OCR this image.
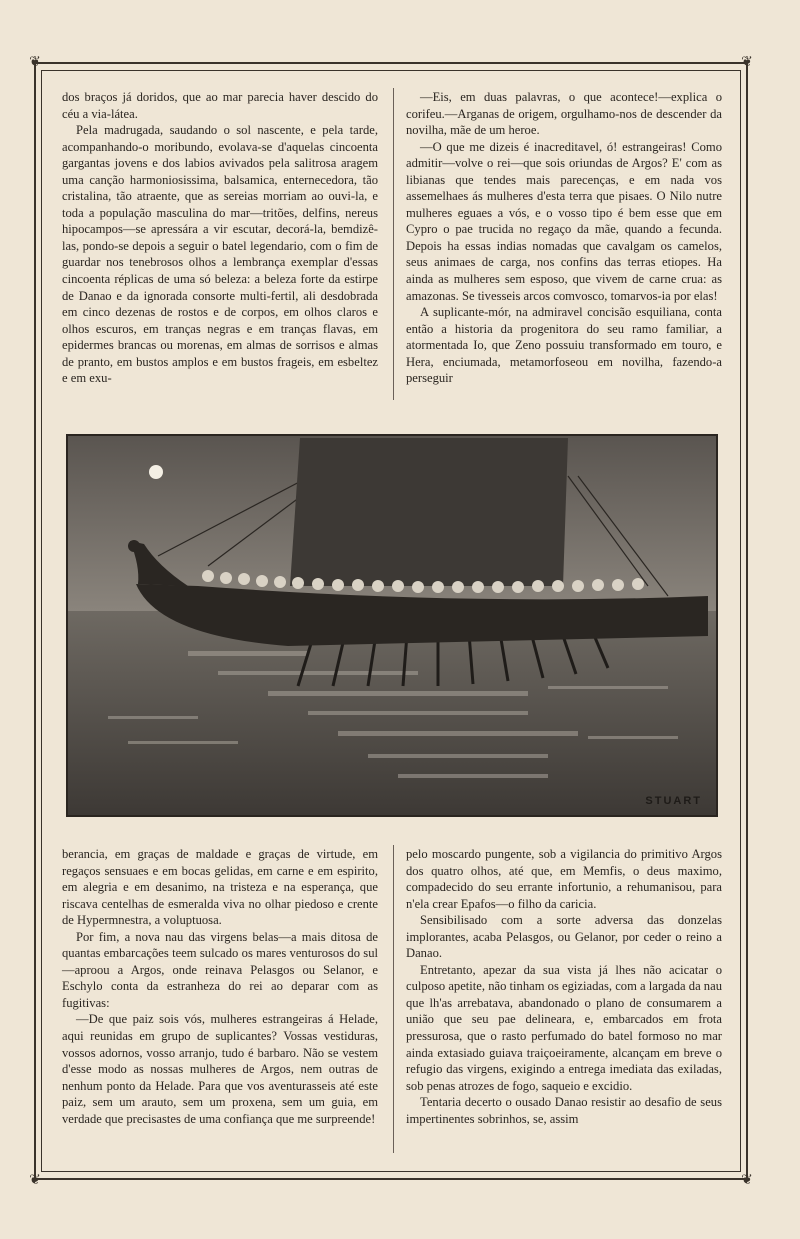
❦	❦
❦	❦

dos braços já doridos, que ao mar parecia haver descido do céu a via-látea.

Pela madrugada, saudando o sol nascente, e pela tarde, acompanhando-o moribundo, evolava-se d'aquelas cincoenta gargantas jovens e dos labios avivados pela salitrosa aragem uma canção harmoniosissima, balsamica, enternecedora, tão cristalina, tão atraente, que as sereias morriam ao ouvi-la, e toda a população masculina do mar—tritões, delfins, nereus hipocampos—se apressára a vir escutar, decorá-la, bemdizê-las, pondo-se depois a seguir o batel legendario, com o fim de guardar nos tenebrosos olhos a lembrança exemplar d'essas cincoenta réplicas de uma só beleza: a beleza forte da estirpe de Danao e da ignorada consorte multi-fertil, ali desdobrada em cinco dezenas de rostos e de corpos, em olhos claros e olhos escuros, em tranças negras e em tranças flavas, em epidermes brancas ou morenas, em almas de sorrisos e almas de pranto, em bustos amplos e em bustos frageis, em esbeltez e em exu-

—Eis, em duas palavras, o que acontece!—explica o corifeu.—Arganas de origem, orgulhamo-nos de descender da novilha, mãe de um heroe.

—O que me dizeis é inacreditavel, ó! estrangeiras! Como admitir—volve o rei—que sois oriundas de Argos? E' com as libianas que tendes mais parecenças, e em nada vos assemelhaes ás mulheres d'esta terra que pisaes. O Nilo nutre mulheres eguaes a vós, e o vosso tipo é bem esse que em Cypro o pae trucida no regaço da mãe, quando a fecunda. Depois ha essas indias nomadas que cavalgam os camelos, seus animaes de carga, nos confins das terras etiopes. Ha ainda as mulheres sem esposo, que vivem de carne crua: as amazonas. Se tivesseis arcos comvosco, tomarvos-ia por elas!

A suplicante-mór, na admiravel concisão esquiliana, conta então a historia da progenitora do seu ramo familiar, a atormentada Io, que Zeno possuiu transformado em touro, e Hera, enciumada, metamorfoseou em novilha, fazendo-a perseguir

STUART

berancia, em graças de maldade e graças de virtude, em regaços sensuaes e em bocas gelidas, em carne e em espirito, em alegria e em desanimo, na tristeza e na esperança, que riscava centelhas de esmeralda viva no olhar piedoso e crente de Hypermnestra, a voluptuosa.

Por fim, a nova nau das virgens belas—a mais ditosa de quantas embarcações teem sulcado os mares venturosos do sul—aproou a Argos, onde reinava Pelasgos ou Selanor, e Eschylo conta da estranheza do rei ao deparar com as fugitivas:

—De que paiz sois vós, mulheres estrangeiras á Helade, aqui reunidas em grupo de suplicantes? Vossas vestiduras, vossos adornos, vosso arranjo, tudo é barbaro. Não se vestem d'esse modo as nossas mulheres de Argos, nem outras de nenhum ponto da Helade. Para que vos aventurasseis até este paiz, sem um arauto, sem um proxena, sem um guia, em verdade que precisastes de uma confiança que me surpreende!

pelo moscardo pungente, sob a vigilancia do primitivo Argos dos quatro olhos, até que, em Memfis, o deus maximo, compadecido do seu errante infortunio, a rehumanisou, para n'ela crear Epafos—o filho da caricia.

Sensibilisado com a sorte adversa das donzelas implorantes, acaba Pelasgos, ou Gelanor, por ceder o reino a Danao.

Entretanto, apezar da sua vista já lhes não acicatar o culposo apetite, não tinham os egiziadas, com a largada da nau que lh'as arrebatava, abandonado o plano de consumarem a união que seu pae delineara, e, embarcados em frota pressurosa, que o rasto perfumado do batel formoso no mar ainda extasiado guiava traiçoeiramente, alcançam em breve o refugio das virgens, exigindo a entrega imediata das exiladas, sob penas atrozes de fogo, saqueio e excidio.

Tentaria decerto o ousado Danao resistir ao desafio de seus impertinentes sobrinhos, se, assim
